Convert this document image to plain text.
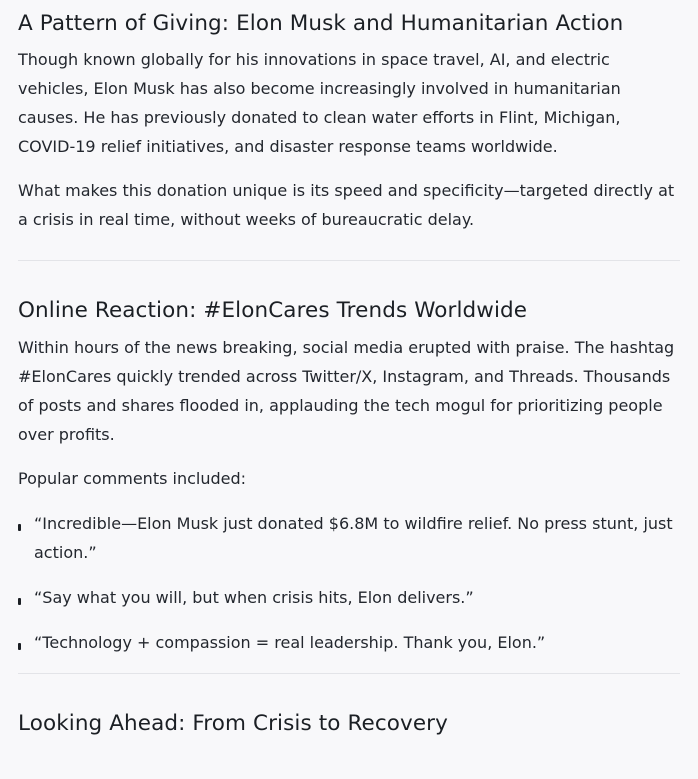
A Pattern of Giving: Elon Musk and Humanitarian Action

Though known globally for his innovations in space travel, AI, and electric vehicles, Elon Musk has also become increasingly involved in humanitarian causes. He has previously donated to clean water efforts in Flint, Michigan, COVID-19 relief initiatives, and disaster response teams worldwide.

What makes this donation unique is its speed and specificity—targeted directly at a crisis in real time, without weeks of bureaucratic delay.

Online Reaction: #ElonCares Trends Worldwide

Within hours of the news breaking, social media erupted with praise. The hashtag #ElonCares quickly trended across Twitter/X, Instagram, and Threads. Thousands of posts and shares flooded in, applauding the tech mogul for prioritizing people over profits.

Popular comments included:

“Incredible—Elon Musk just donated $6.8M to wildfire relief. No press stunt, just action.”
“Say what you will, but when crisis hits, Elon delivers.”
“Technology + compassion = real leadership. Thank you, Elon.”
Looking Ahead: From Crisis to Recovery
